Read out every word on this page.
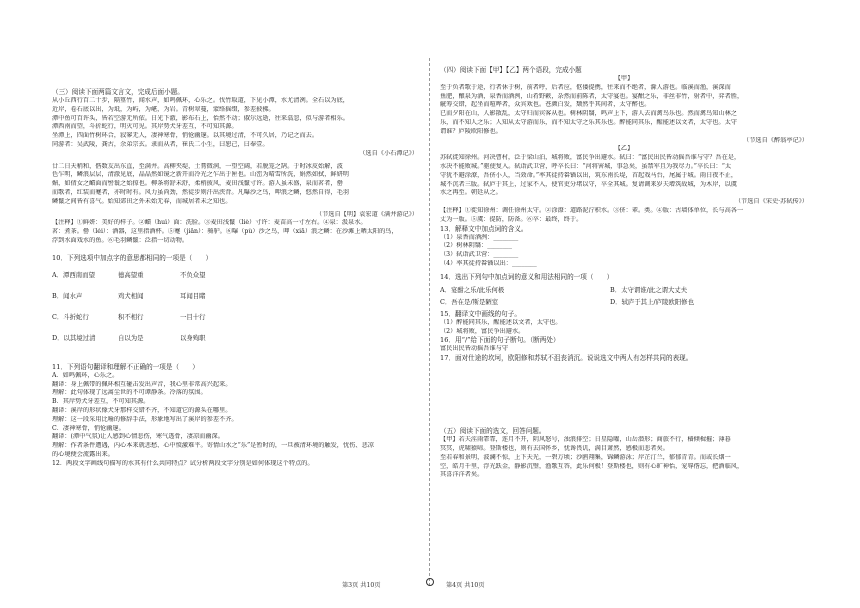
（三）阅读下面两篇文言文，完成后面小题。

从小丘西行百二十步，隔篁竹，闻水声，如鸣佩环，心乐之。伐竹取道，下见小潭，水尤清冽。全石以为底，

近岸，卷石底以出，为坻，为屿，为嵁，为岩。青树翠蔓，蒙络摇缀，参差披拂。

潭中鱼可百许头，皆若空游无所依。日光下澈，影布石上，佁然不动；俶尔远逝，往来翕忽，似与游者相乐。

潭西南而望，斗折蛇行，明灭可见。其岸势犬牙差互，不可知其源。

坐潭上，四面竹树环合，寂寥无人，凄神寒骨，悄怆幽邃。以其境过清，不可久居，乃记之而去。

同游者：吴武陵，龚古，余弟宗玄。隶而从者，崔氏二小生，曰恕己，曰奉壹。

（选自《小石潭记》）

廿二日天稍和，偕数友出东直，至满井。高柳夹堤，土膏微润，一望空阔，若脱笼之鹄。于时冰皮始解，波

色乍明，鳞浪层层，清澈见底，晶晶然如镜之新开而冷光之乍出于匣也。山峦为晴雪所洗，娟然如拭，鲜妍明

媚，如倩女之靧面而髻鬟之始掠也。柳条将舒未舒，柔梢披风，麦田浅鬣寸许。游人虽未盛，泉而茗者，罍

而歌者，红装而蹇者，亦时时有。风力虽尚劲，然徒步则汗出浃背。凡曝沙之鸟，呷浪之鳞，悠然自得，毛羽

鳞鬣之间皆有喜气。始知郊田之外未始无春，而城居者未之知也。

（节选自【明】袁宏道《满井游记》）

【注释】①鲜妍：美好的样子。②靧（huì）面：洗脸。③麦田浅鬣（liè）寸许：麦苗高一寸左右。④泉：汲泉水。

茗：煮茶。罍（léi）：酒器，这里指酒杯。⑤蹇（jiǎn）：骑驴。⑥曝（pù）沙之鸟，呷（xiā）浪之鳞：在沙滩上晒太阳的鸟，

浮到水面戏水的鱼。⑥毛羽鳞鬣：泛指一切动物。

10．下列选项中加点字的意思都相同的一项是（　　）

A．潭西南而望	德高望重	不负众望
B．闻水声	鸡犬相闻	耳闻目睹
C．斗折蛇行	积不相行	一目十行
D．以其境过清	自以为是	以身殉职

11．下列语句翻译和理解不正确的一项是（　　）

A．如鸣佩环，心乐之。

翻译：身上佩带的佩环相互碰击发出声音，我心里非常高兴起来。

理解：此句体现了远离尘世的不可谭静条。冷落的氛围。

B．其岸势犬牙差互，不可知其源。

翻译：溪岸的形状像犬牙那样交错不齐，不知道它的源头在哪里。

理解：这一段采用比喻的修辞手法，形象地写出了溪岸的参差不齐。

C．凄神寒骨，悄怆幽邃。

翻译：(潭中气氛)让人感到心情悲伤，寒气透骨，凄凉而幽深。

理解：作者条件遭遇，内心本来就悲愁、心中愤激难平。寄情山水之“乐”是暂时的，一旦被清环境的触发，忧伤、悲凉

的心境便会流露出来。

12．两段文字画线句描写的水其有什么共同特点？试分析两段文字分别是如何体现这个特点的。

（四）阅读下面【甲】【乙】两个语段，完成小题

【甲】

至于负者歌于途，行者休于树，前者呼，后者应，伛偻提携，往来而不绝者，滁人游也。临溪而渔，溪深而

鱼肥，酿泉为酒，泉香而酒洌，山肴野蔌，杂然而前陈者，太守宴也。宴酣之乐，非丝非竹，射者中，弈者胜，

觥筹交错，起坐而喧哗者，众宾欢也。苍颜白发，颓然乎其间者，太守醉也。

已而夕阳在山，人影散乱，太守归而宾客从也。树林阴翳，鸣声上下，游人去而禽鸟乐也。然而禽鸟知山林之

乐，而不知人之乐；人知从太守游而乐，而不知太守之乐其乐也。醉能同其乐，醒能述以文者，太守也。太守

谓谁？庐陵欧阳修也。

（节选自《醉翁亭记》）

【乙】

苏轼徙知徐州。河决曹村，泛于梁山泊，城将败，富民争出避水。轼曰：“富民出民皆动摇吾谁与守？吾在是，

水决不能败城。”驱使复入。轼诣武卫营，呼卒长曰：“河将害城，事急矣，虽禁军且为我尽力。”卒长曰：“太

守犹不避涂潦，吾侪小人，当效命。”率其徒持畚锸以出，筑东南长堤，首起戏马台，尾属于城。雨日夜不止，

城不沉者三版。轼庐于其上，过家不入，使官吏分堵以守，卒全其城。复请调来岁夫增筑故城，为木岸，以虞

水之再至。朝廷从之。

（节选自《宋史·苏轼传》）

【注释】①徙知徐州：调任徐州太守。②涂潦：道路泥泞积水。③侪：辈。类。④版：古墙体单位，长与高各一

丈为一版。⑤虞：提防，防备。⑥卒：最终，终于。

13．解释文中加点词的含义。

（1）泉香而酒洌：________

（2）树林阴翳：________

（3）轼诣武卫营：________

（4）率其徒持畚锸以出：________

14．选出下列句中加点词的意义和用法相同的一项（　　）

A．宴酣之乐/此乐何极	B．太守谓谁/此之谓大丈夫
C．吾在是/斯是陋室	D．轼庐于其上/庐陵欧阳修也

15．翻译文中画线的句子。

（1）醉能同其乐，醒能述以文者，太守也。

（2）城将败，富民争出避水。

16．用“/”给下面的句子断句。（断两处）

富民出民皆动摇吾谁与守

17．面对仕途的坎坷，欧阳修和苏轼不沮丧消沉。说说选文中两人有怎样共同的表现。

（五）阅读下面的选文，回答问题。

【甲】若夫淫雨霏霏，连月不开，阴风怒号，浊浪排空；日星隐曜，山岳潜形；商旅不行，樯倾楫摧；薄暮

冥冥，虎啸猿啼。登斯楼也，则有去国怀乡，忧谗畏讥，满目萧然，感极而悲者矣。

至若春和景明，波澜不惊，上下天光，一碧万顷；沙鸥翔集，锦鳞游泳；岸芷汀兰，郁郁青青。而或长烟一

空，皓月千里，浮光跃金，静影沉璧，渔歌互答，此乐何极！登斯楼也，则有心旷神怡，宠辱偕忘，把酒临风，

其喜洋洋者矣。

第3页 共10页	第4页 共10页
